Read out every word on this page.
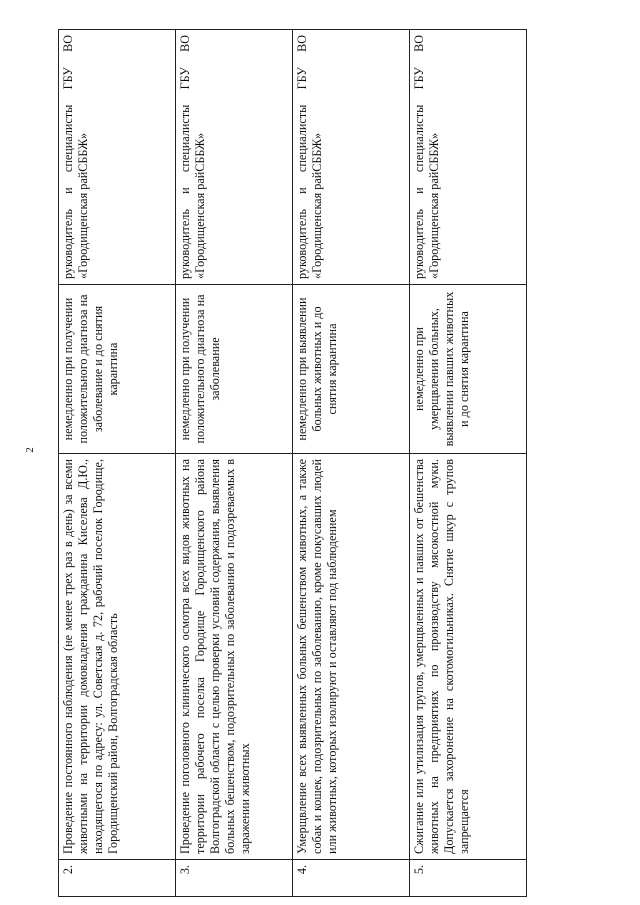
2
2.	Проведение постоянного наблюдения (не менее трех раз в день) за всеми животными на территории домовладения гражданина Киселева Д.Ю., находящегося по адресу: ул. Советская д. 72, рабочий поселок Городище, Городищенский район, Волгоградская область	немедленно при получении положительного диагноза на заболевание и до снятия карантина	руководитель и специалисты ГБУ ВО «Городищенская райСББЖ»
3.	Проведение поголовного клинического осмотра всех видов животных на территории рабочего поселка Городище Городищенского района Волгоградской области с целью проверки условий содержания, выявления больных бешенством, подозрительных по заболеванию и подозреваемых в заражении животных	немедленно при получении положительного диагноза на заболевание	руководитель и специалисты ГБУ ВО «Городищенская райСББЖ»
4.	Умерщвление всех выявленных больных бешенством животных, а также собак и кошек, подозрительных по заболеванию, кроме покусавших людей или животных, которых изолируют и оставляют под наблюдением	немедленно при выявлении больных животных и до снятия карантина	руководитель и специалисты ГБУ ВО «Городищенская райСББЖ»
5.	Сжигание или утилизация трупов, умерщвленных и павших от бешенства животных на предприятиях по производству мясокостной муки. Допускается захоронение на скотомогильниках. Снятие шкур с трупов запрещается	немедленно при умерщвлении больных, выявлении павших животных и до снятия карантина	руководитель и специалисты ГБУ ВО «Городищенская райСББЖ»
